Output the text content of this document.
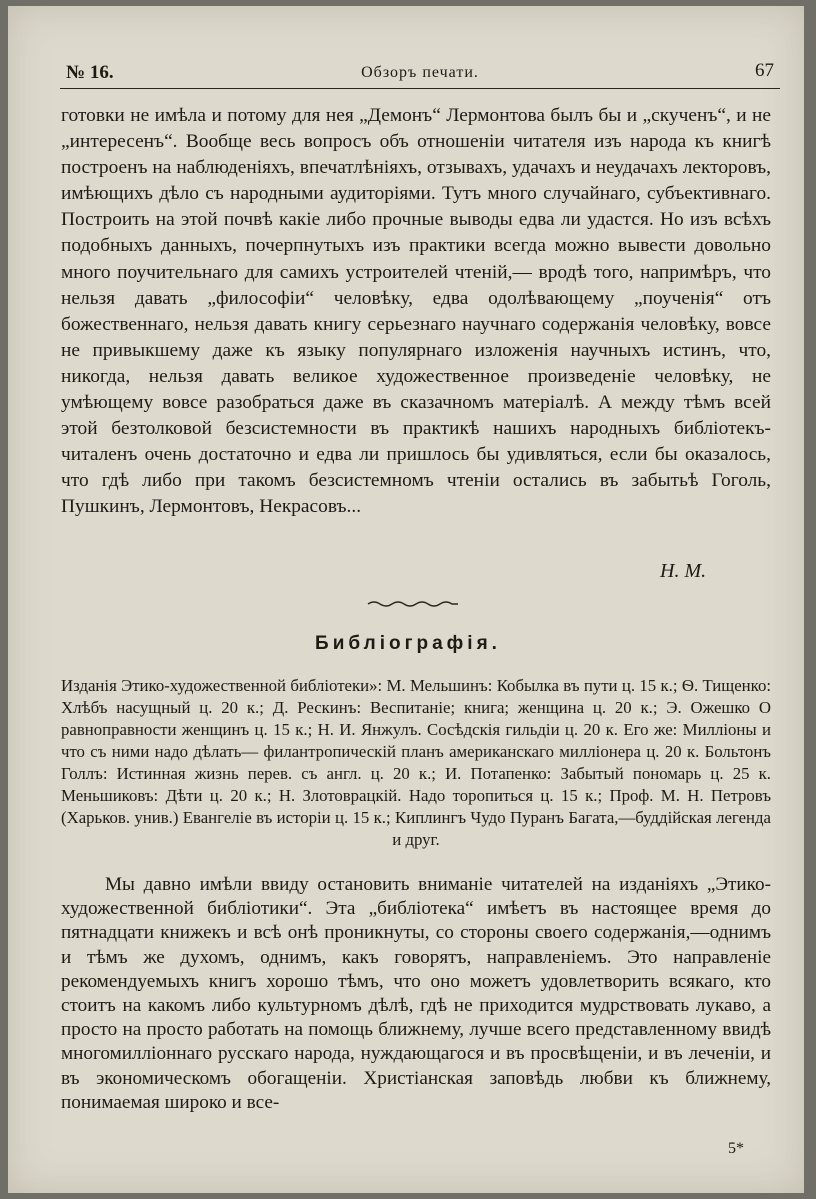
№ 16.	Обзоръ печати.	67

готовки не имѣла и потому для нея „Демонъ“ Лермонтова былъ бы и „скученъ“, и не „интересенъ“. Вообще весь вопросъ объ отношеніи читателя изъ народа къ книгѣ построенъ на наблюденіяхъ, впечатлѣніяхъ, отзывахъ, удачахъ и неудачахъ лекторовъ, имѣющихъ дѣло съ народными аудиторіями. Тутъ много случайнаго, субъективнаго. Построить на этой почвѣ какіе либо прочные выводы едва ли удастся. Но изъ всѣхъ подобныхъ данныхъ, почерпнутыхъ изъ практики всегда можно вывести довольно много поучительнаго для самихъ устроителей чтеній,— вродѣ того, напримѣръ, что нельзя давать „философіи“ человѣку, едва одолѣвающему „поученія“ отъ божественнаго, нельзя давать книгу серьезнаго научнаго содержанія человѣку, вовсе не привыкшему даже къ языку популярнаго изложенія научныхъ истинъ, что, никогда, нельзя давать великое художественное произведеніе человѣку, не умѣющему вовсе разобраться даже въ сказачномъ матеріалѣ. А между тѣмъ всей этой безтолковой безсистемности въ практикѣ нашихъ народныхъ библіотекъ-читаленъ очень достаточно и едва ли пришлось бы удивляться, если бы оказалось, что гдѣ либо при такомъ безсистемномъ чтеніи остались въ забытьѣ Гоголь, Пушкинъ, Лермонтовъ, Некрасовъ...

Н. М.
Библіографія.

Изданія Этико-художественной библіотеки»: М. Мельшинъ: Кобылка въ пути ц. 15 к.; Ѳ. Тищенко: Хлѣбъ насущный ц. 20 к.; Д. Рескинъ: Веспитаніе; книга; женщина ц. 20 к.; Э. Ожешко О равноправности женщинъ ц. 15 к.; Н. И. Янжулъ. Сосѣдскія гильдіи ц. 20 к. Его же: Милліоны и что съ ними надо дѣлать— филантропическій планъ американскаго милліонера ц. 20 к. Больтонъ Голлъ: Истинная жизнь перев. съ англ. ц. 20 к.; И. Потапенко: Забытый пономарь ц. 25 к. Меньшиковъ: Дѣти ц. 20 к.; Н. Злотоврацкій. Надо торопиться ц. 15 к.; Проф. М. Н. Петровъ (Харьков. унив.) Евангеліе въ исторіи ц. 15 к.; Киплингъ Чудо Пуранъ Багата,—буддійская легенда и друг.

Мы давно имѣли ввиду остановить вниманіе читателей на изданіяхъ „Этико-художественной библіотики“. Эта „библіотека“ имѣетъ въ настоящее время до пятнадцати книжекъ и всѣ онѣ проникнуты, со стороны своего содержанія,—однимъ и тѣмъ же духомъ, однимъ, какъ говорятъ, направленіемъ. Это направленіе рекомендуемыхъ книгъ хорошо тѣмъ, что оно можетъ удовлетворить всякаго, кто стоитъ на какомъ либо культурномъ дѣлѣ, гдѣ не приходится мудрствовать лукаво, а просто на просто работать на помощь ближнему, лучше всего представленному ввидѣ многомилліоннаго русскаго народа, нуждающагося и въ просвѣщеніи, и въ леченіи, и въ экономическомъ обогащеніи. Христіанская заповѣдь любви къ ближнему, понимаемая широко и все-

5*
